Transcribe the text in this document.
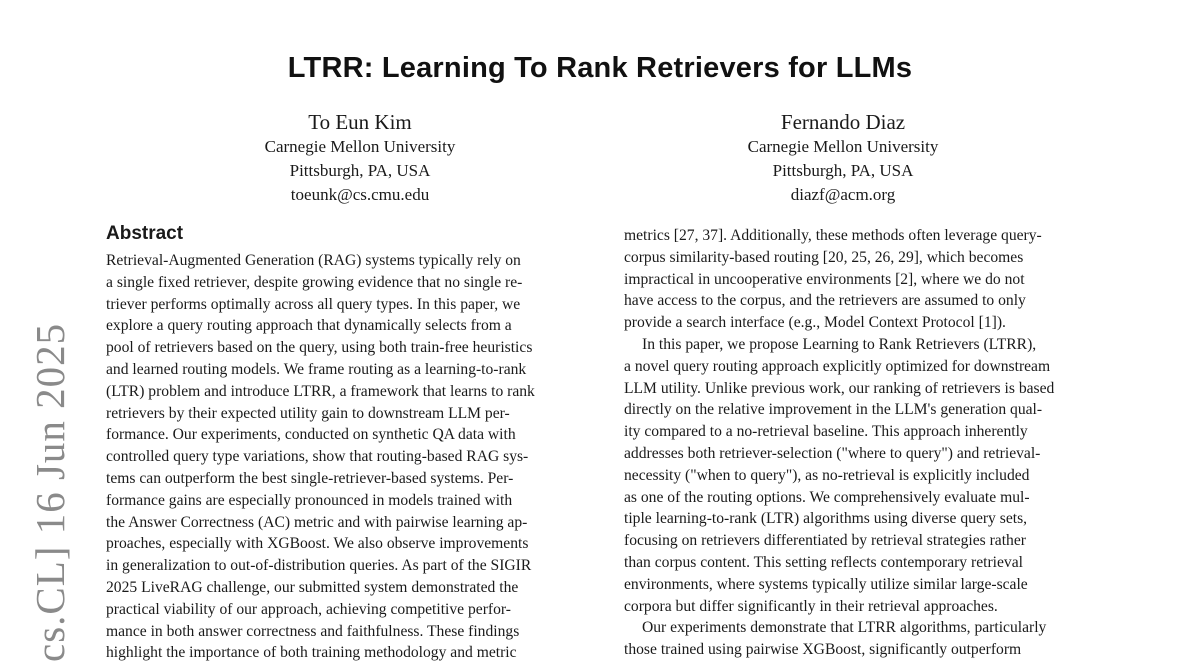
LTRR: Learning To Rank Retrievers for LLMs
To Eun Kim
Carnegie Mellon University
Pittsburgh, PA, USA
toeunk@cs.cmu.edu
Fernando Diaz
Carnegie Mellon University
Pittsburgh, PA, USA
diazf@acm.org
cs.CL] 16 Jun 2025
Abstract
Retrieval-Augmented Generation (RAG) systems typically rely on
a single fixed retriever, despite growing evidence that no single re-
triever performs optimally across all query types. In this paper, we
explore a query routing approach that dynamically selects from a
pool of retrievers based on the query, using both train-free heuristics
and learned routing models. We frame routing as a learning-to-rank
(LTR) problem and introduce LTRR, a framework that learns to rank
retrievers by their expected utility gain to downstream LLM per-
formance. Our experiments, conducted on synthetic QA data with
controlled query type variations, show that routing-based RAG sys-
tems can outperform the best single-retriever-based systems. Per-
formance gains are especially pronounced in models trained with
the Answer Correctness (AC) metric and with pairwise learning ap-
proaches, especially with XGBoost. We also observe improvements
in generalization to out-of-distribution queries. As part of the SIGIR
2025 LiveRAG challenge, our submitted system demonstrated the
practical viability of our approach, achieving competitive perfor-
mance in both answer correctness and faithfulness. These findings
highlight the importance of both training methodology and metric
metrics [27, 37]. Additionally, these methods often leverage query-
corpus similarity-based routing [20, 25, 26, 29], which becomes
impractical in uncooperative environments [2], where we do not
have access to the corpus, and the retrievers are assumed to only
provide a search interface (e.g., Model Context Protocol [1]).
In this paper, we propose Learning to Rank Retrievers (LTRR),
a novel query routing approach explicitly optimized for downstream
LLM utility. Unlike previous work, our ranking of retrievers is based
directly on the relative improvement in the LLM's generation qual-
ity compared to a no-retrieval baseline. This approach inherently
addresses both retriever-selection ("where to query") and retrieval-
necessity ("when to query"), as no-retrieval is explicitly included
as one of the routing options. We comprehensively evaluate mul-
tiple learning-to-rank (LTR) algorithms using diverse query sets,
focusing on retrievers differentiated by retrieval strategies rather
than corpus content. This setting reflects contemporary retrieval
environments, where systems typically utilize similar large-scale
corpora but differ significantly in their retrieval approaches.
Our experiments demonstrate that LTRR algorithms, particularly
those trained using pairwise XGBoost, significantly outperform
